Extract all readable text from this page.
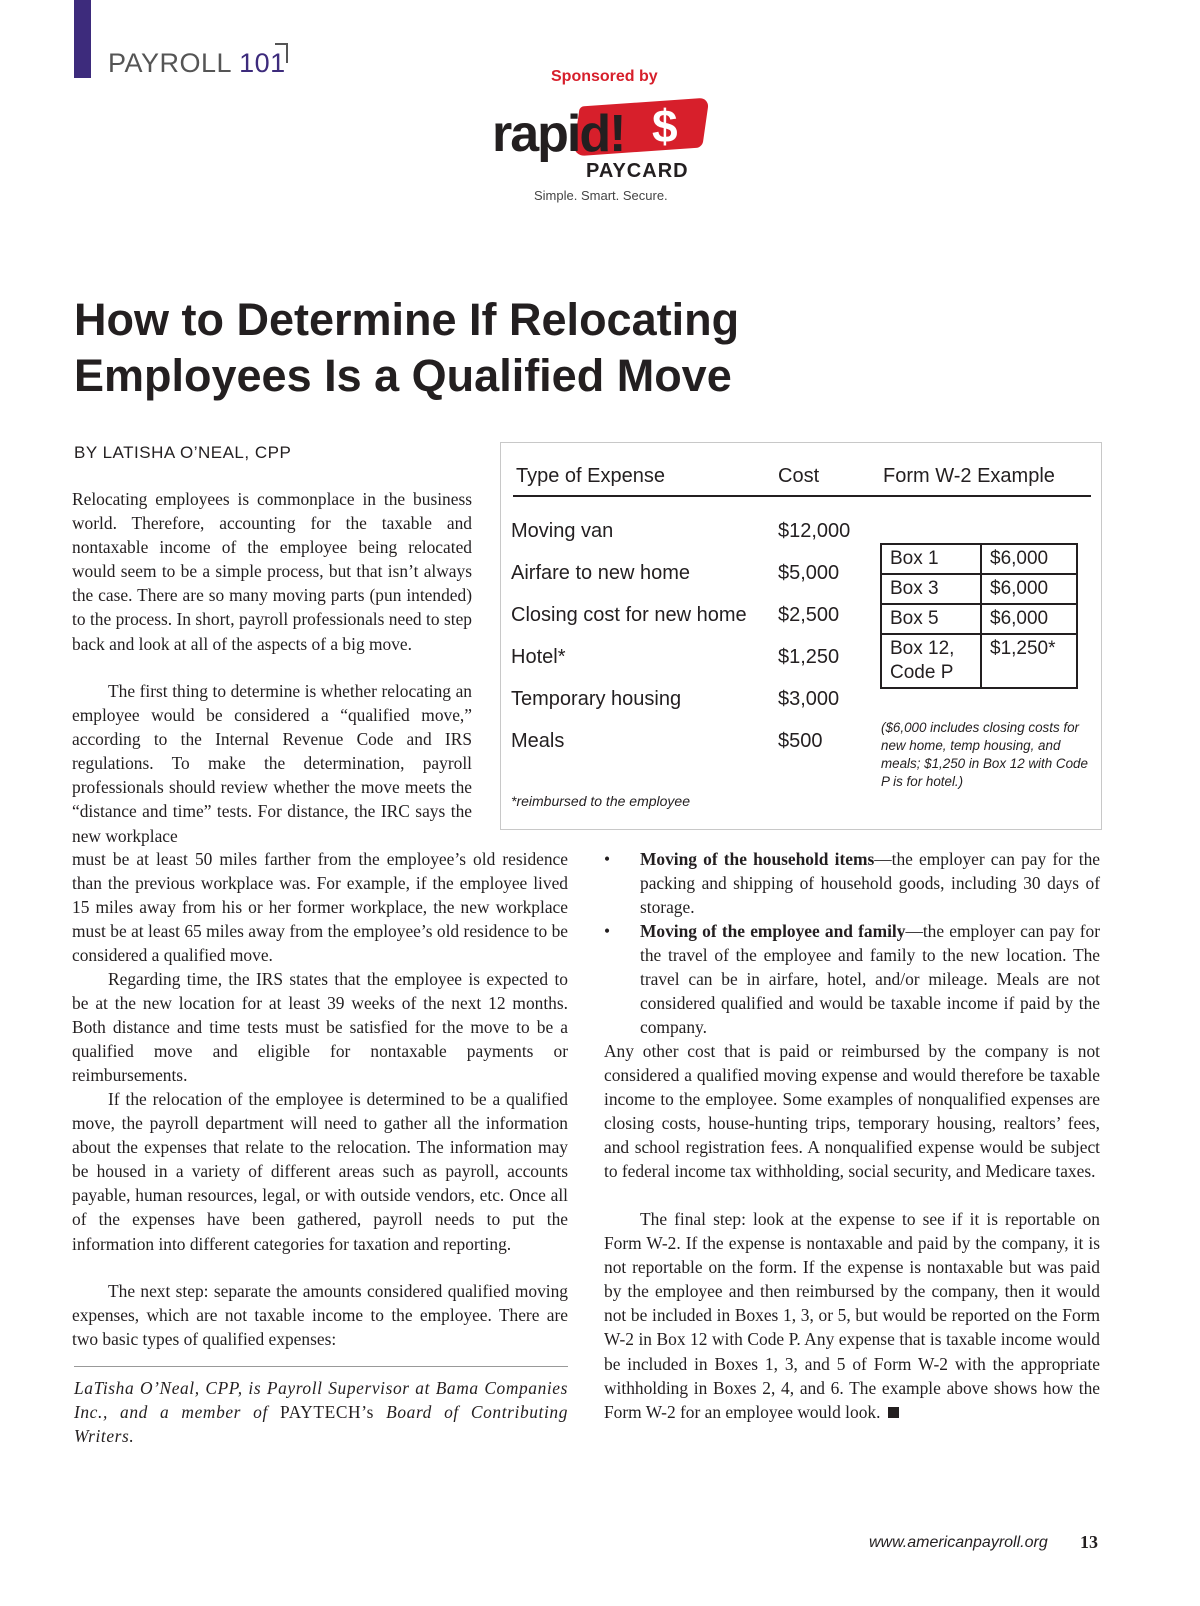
PAYROLL 101	Sponsored by
rapid! $
PAYCARD
Simple. Smart. Secure.
How to Determine If Relocating
Employees Is a Qualified Move
BY LATISHA O’NEAL, CPP

Relocating employees is commonplace in the business world. Therefore, accounting for the taxable and nontaxable income of the employee being relocated would seem to be a simple process, but that isn’t always the case. There are so many moving parts (pun intended) to the process. In short, payroll professionals need to step back and look at all of the aspects of a big move.

The first thing to determine is whether relocating an employee would be considered a “qualified move,” according to the Internal Revenue Code and IRS regulations. To make the determination, payroll professionals should review whether the move meets the “distance and time” tests. For distance, the IRC says the new workplace

must be at least 50 miles farther from the employee’s old residence than the previous workplace was. For example, if the employee lived 15 miles away from his or her former workplace, the new workplace must be at least 65 miles away from the employee’s old residence to be considered a qualified move.

Regarding time, the IRS states that the employee is expected to be at the new location for at least 39 weeks of the next 12 months. Both distance and time tests must be satisfied for the move to be a qualified move and eligible for nontaxable payments or reimbursements.

If the relocation of the employee is determined to be a qualified move, the payroll department will need to gather all the information about the expenses that relate to the relocation. The information may be housed in a variety of different areas such as payroll, accounts payable, human resources, legal, or with outside vendors, etc. Once all of the expenses have been gathered, payroll needs to put the information into different categories for taxation and reporting.

The next step: separate the amounts considered qualified moving expenses, which are not taxable income to the employee. There are two basic types of qualified expenses:

LaTisha O’Neal, CPP, is Payroll Supervisor at Bama Companies Inc., and a member of PAYTECH’s Board of Contributing Writers.

Type of Expense	Cost	Form W-2 Example
Moving van	$12,000
Airfare to new home	$5,000
Closing cost for new home $2,500
Hotel*	$1,250
Temporary housing	$3,000
Meals	$500
Box 1	$6,000
Box 3	$6,000
Box 5	$6,000
Box 12, Code P	$1,250*
($6,000 includes closing costs for new home, temp housing, and meals; $1,250 in Box 12 with Code P is for hotel.)
*reimbursed to the employee
• Moving of the household items—the employer can pay for the packing and shipping of household goods, including 30 days of storage.
• Moving of the employee and family—the employer can pay for the travel of the employee and family to the new location. The travel can be in airfare, hotel, and/or mileage. Meals are not considered qualified and would be taxable income if paid by the company.

Any other cost that is paid or reimbursed by the company is not considered a qualified moving expense and would therefore be taxable income to the employee. Some examples of nonqualified expenses are closing costs, house-hunting trips, temporary housing, realtors’ fees, and school registration fees. A nonqualified expense would be subject to federal income tax withholding, social security, and Medicare taxes.

The final step: look at the expense to see if it is reportable on Form W-2. If the expense is nontaxable and paid by the company, it is not reportable on the form. If the expense is nontaxable but was paid by the employee and then reimbursed by the company, then it would not be included in Boxes 1, 3, or 5, but would be reported on the Form W-2 in Box 12 with Code P. Any expense that is taxable income would be included in Boxes 1, 3, and 5 of Form W-2 with the appropriate withholding in Boxes 2, 4, and 6. The example above shows how the Form W-2 for an employee would look.

www.americanpayroll.org 13
